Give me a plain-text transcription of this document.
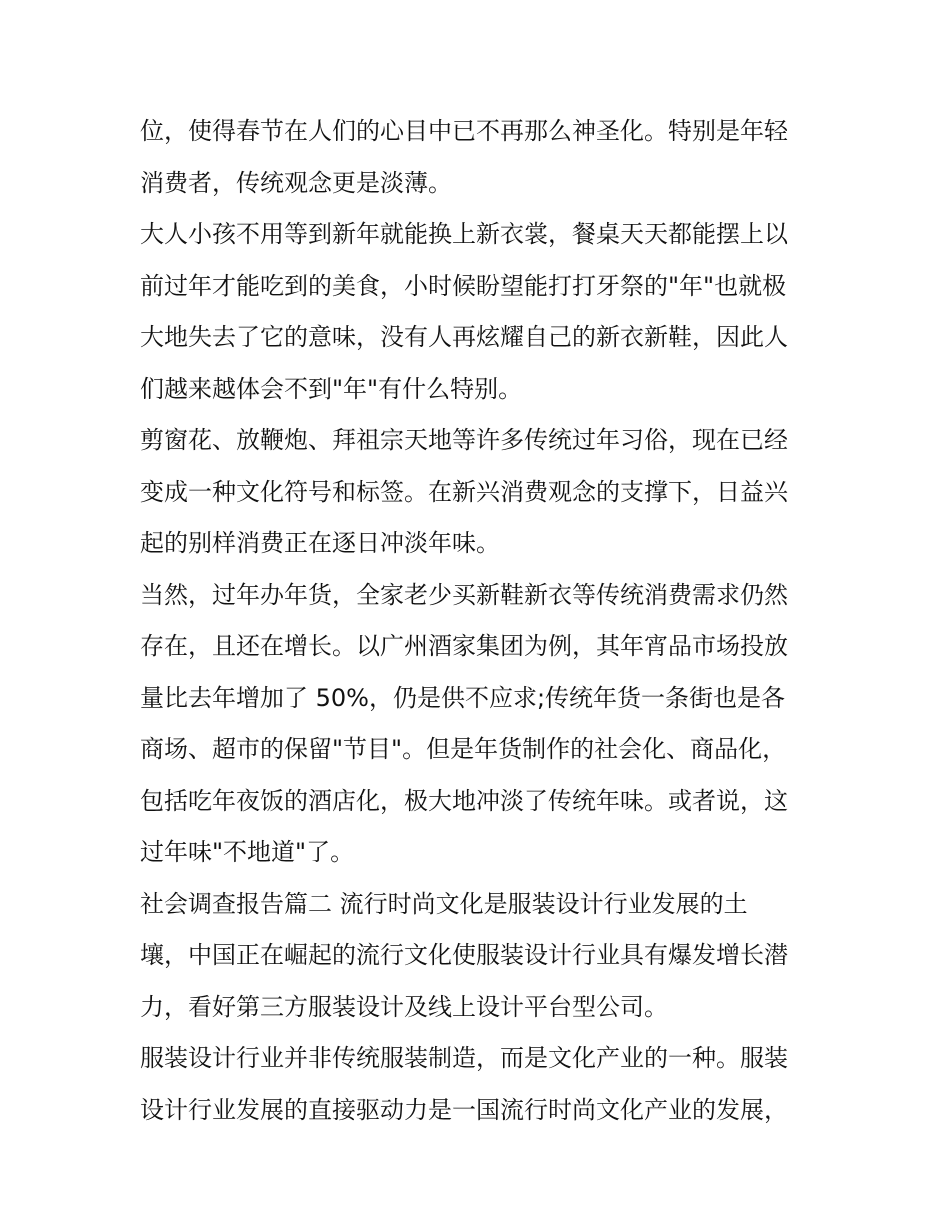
位，使得春节在人们的心目中已不再那么神圣化。特别是年轻
消费者，传统观念更是淡薄。
大人小孩不用等到新年就能换上新衣裳，餐桌天天都能摆上以
前过年才能吃到的美食，小时候盼望能打打牙祭的"年"也就极
大地失去了它的意味，没有人再炫耀自己的新衣新鞋，因此人
们越来越体会不到"年"有什么特别。
剪窗花、放鞭炮、拜祖宗天地等许多传统过年习俗，现在已经
变成一种文化符号和标签。在新兴消费观念的支撑下，日益兴
起的别样消费正在逐日冲淡年味。
当然，过年办年货，全家老少买新鞋新衣等传统消费需求仍然
存在，且还在增长。以广州酒家集团为例，其年宵品市场投放
量比去年增加了 50%，仍是供不应求;传统年货一条街也是各
商场、超市的保留"节目"。但是年货制作的社会化、商品化，
包括吃年夜饭的酒店化，极大地冲淡了传统年味。或者说，这
过年味"不地道"了。
社会调查报告篇二 流行时尚文化是服装设计行业发展的土
壤，中国正在崛起的流行文化使服装设计行业具有爆发增长潜
力，看好第三方服装设计及线上设计平台型公司。
服装设计行业并非传统服装制造，而是文化产业的一种。服装
设计行业发展的直接驱动力是一国流行时尚文化产业的发展，
